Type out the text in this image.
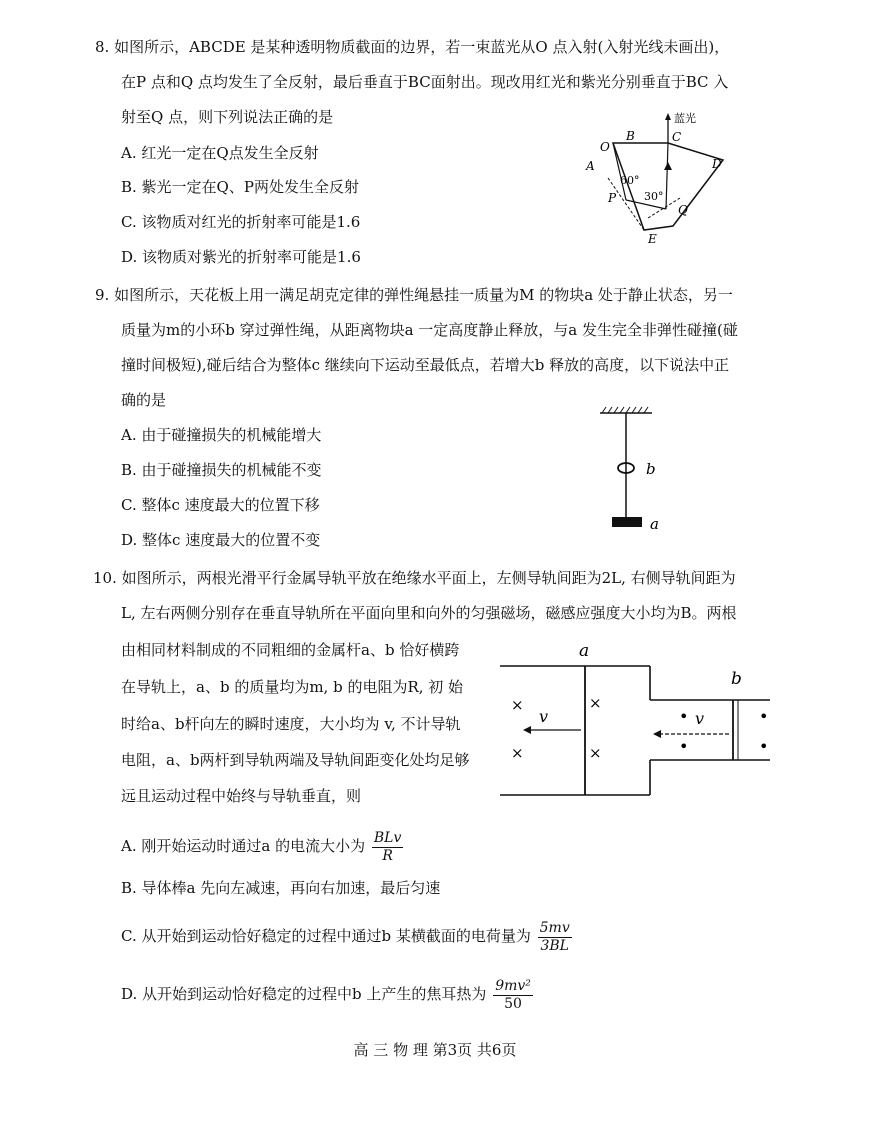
8. 如图所示，ABCDE 是某种透明物质截面的边界，若一束蓝光从O 点入射(入射光线未画出)，
在P 点和Q 点均发生了全反射，最后垂直于BC面射出。现改用红光和紫光分别垂直于BC 入
射至Q 点，则下列说法正确的是
A. 红光一定在Q点发生全反射
B. 紫光一定在Q、P两处发生全反射
C. 该物质对红光的折射率可能是1.6
D. 该物质对紫光的折射率可能是1.6
蓝光
B	C
D
O
A
P
Q
E
60°
30°
9. 如图所示，天花板上用一满足胡克定律的弹性绳悬挂一质量为M 的物块a 处于静止状态，另一
质量为m的小环b 穿过弹性绳，从距离物块a 一定高度静止释放，与a 发生完全非弹性碰撞(碰
撞时间极短),碰后结合为整体c 继续向下运动至最低点，若增大b 释放的高度，以下说法中正
确的是
A. 由于碰撞损失的机械能增大
B. 由于碰撞损失的机械能不变
C. 整体c 速度最大的位置下移
D. 整体c 速度最大的位置不变
b
a
10. 如图所示，两根光滑平行金属导轨平放在绝缘水平面上，左侧导轨间距为2L, 右侧导轨间距为
L, 左右两侧分别存在垂直导轨所在平面向里和向外的匀强磁场，磁感应强度大小均为B。两根
由相同材料制成的不同粗细的金属杆a、b 恰好横跨
在导轨上，a、b 的质量均为m, b 的电阻为R, 初 始
时给a、b杆向左的瞬时速度，大小均为 v, 不计导轨
电阻，a、b两杆到导轨两端及导轨间距变化处均足够
远且运动过程中始终与导轨垂直，则
a
b
×
×
×
×
v	•
•
•
•
v
A. 刚开始运动时通过a 的电流大小为 $\frac{\text{BLv}}{R}$
B. 导体棒a 先向左减速，再向右加速，最后匀速
C. 从开始到运动恰好稳定的过程中通过b 某横截面的电荷量为 $\frac{5mv}{3BL}$
D. 从开始到运动恰好稳定的过程中b 上产生的焦耳热为 $\frac{\text{9mv²}}{50}$
高 三 物 理 第3页 共6页
